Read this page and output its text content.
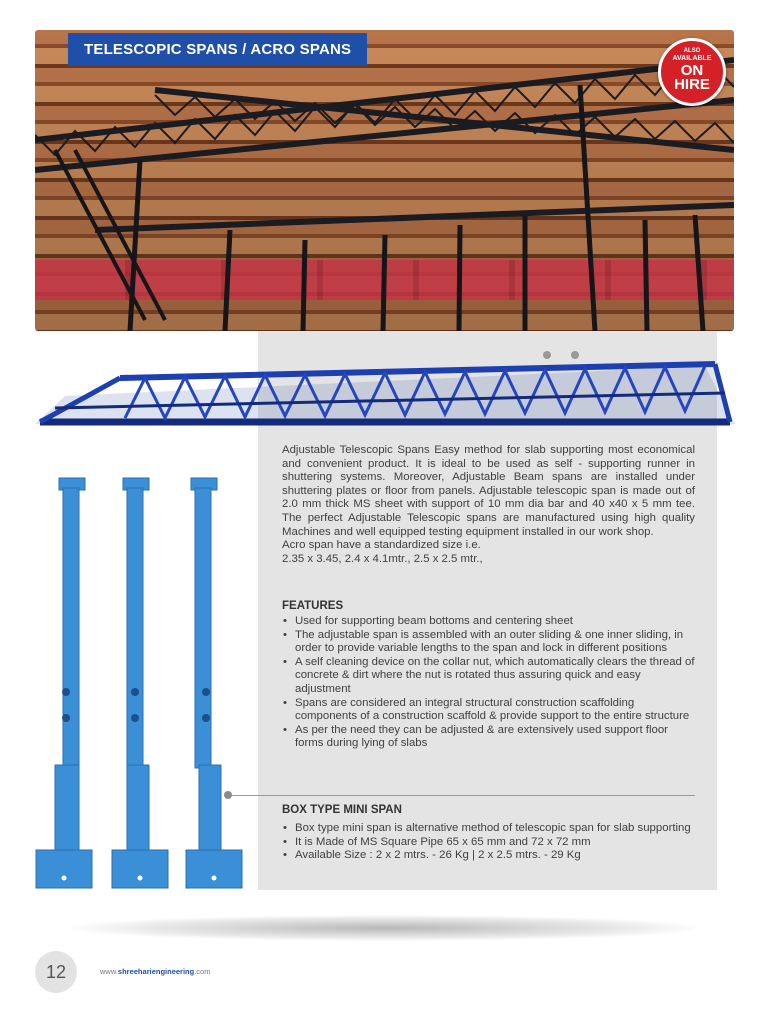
TELESCOPIC SPANS / ACRO SPANS	ALSO
AVAILABLE
ON
HIRE

Adjustable Telescopic Spans Easy method for slab supporting most economical and convenient product. It is ideal to be used as self - supporting runner in shuttering systems. Moreover, Adjustable Beam spans are installed under shuttering plates or floor from panels. Adjustable telescopic span is made out of 2.0 mm thick MS sheet with support of 10 mm dia bar and 40 x40 x 5 mm tee. The perfect Adjustable Telescopic spans are manufactured using high quality Machines and well equipped testing equipment installed in our work shop.

Acro span have a standardized size i.e.

2.35 x 3.45, 2.4 x 4.1mtr., 2.5 x 2.5 mtr.,

FEATURES
• Used for supporting beam bottoms and centering sheet
• The adjustable span is assembled with an outer sliding & one inner sliding, in order to provide variable lengths to the span and lock in different positions
• A self cleaning device on the collar nut, which automatically clears the thread of concrete & dirt where the nut is rotated thus assuring quick and easy adjustment
• Spans are considered an integral structural construction scaffolding components of a construction scaffold & provide support to the entire structure
• As per the need they can be adjusted & are extensively used support floor forms during lying of slabs
BOX TYPE MINI SPAN
• Box type mini span is alternative method of telescopic span for slab supporting
• It is Made of MS Square Pipe 65 x 65 mm and 72 x 72 mm
• Available Size : 2 x 2 mtrs. - 26 Kg | 2 x 2.5 mtrs. - 29 Kg
12	www.shreehariengineering.com
